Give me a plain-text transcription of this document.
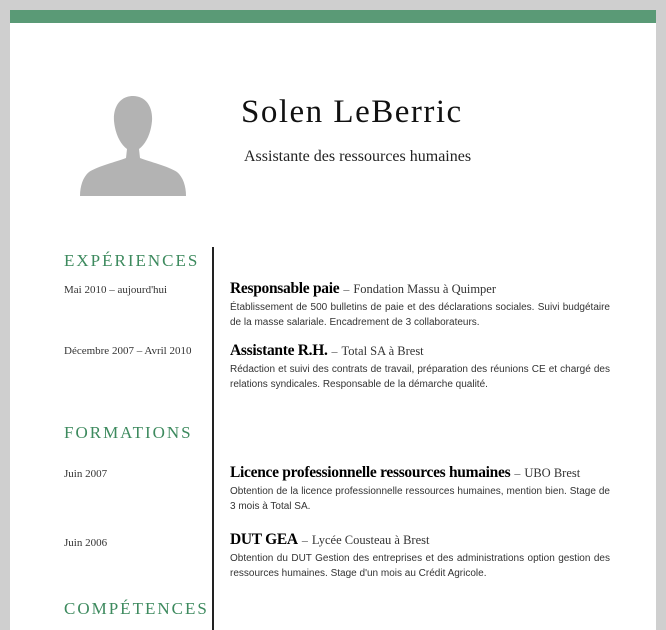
Solen LeBerric
Assistante des ressources humaines
EXPÉRIENCES
Mai 2010 – aujourd'hui	Responsable paie – Fondation Massu à Quimper
Établissement de 500 bulletins de paie et des déclarations sociales. Suivi budgétaire de la masse salariale. Encadrement de 3 collaborateurs.
Décembre 2007 – Avril 2010 Assistante R.H. – Total SA à Brest
Rédaction et suivi des contrats de travail, préparation des réunions CE et chargé des relations syndicales. Responsable de la démarche qualité.
FORMATIONS
Juin 2007	Licence professionnelle ressources humaines – UBO Brest
Obtention de la licence professionnelle ressources humaines, mention bien. Stage de 3 mois à Total SA.
Juin 2006	DUT GEA – Lycée Cousteau à Brest
Obtention du DUT Gestion des entreprises et des administrations option gestion des ressources humaines. Stage d'un mois au Crédit Agricole.
COMPÉTENCES
